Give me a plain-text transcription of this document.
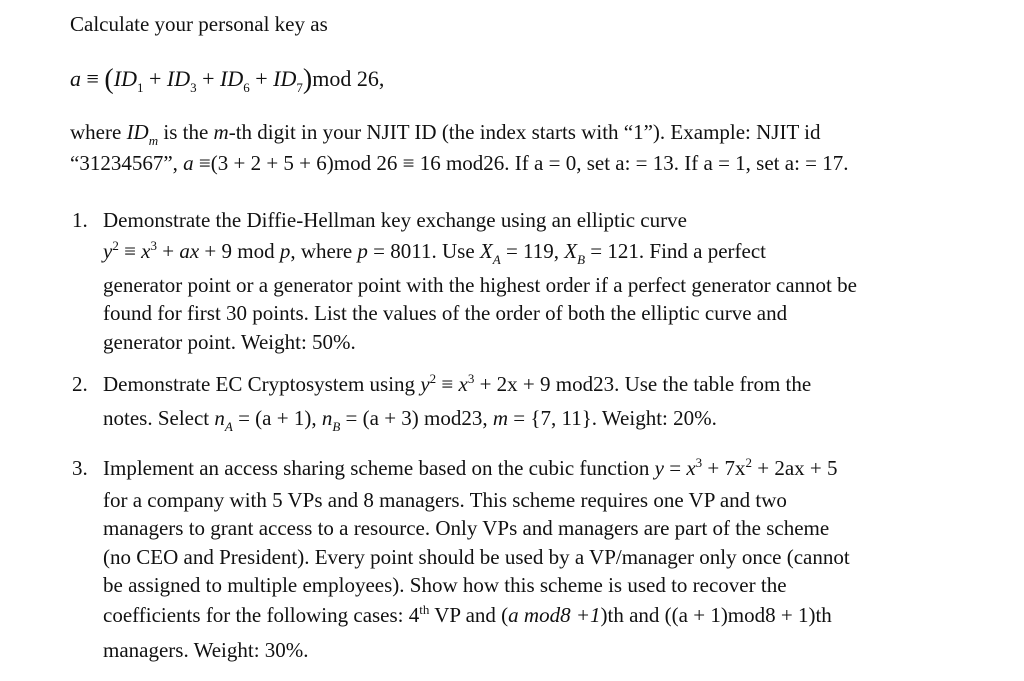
Calculate your personal key as
$a \equiv (ID_1 + ID_3 + ID_6 + ID_7)mod$ 26,
where $ID_m$ is the m-th digit in your NJIT ID (the index starts with “1”). Example: NJIT id
“31234567”, a ≡(3 + 2 + 5 + 6)mod 26 ≡ 16 mod26. If a = 0, set a: = 13. If a = 1, set a: = 17.
1. Demonstrate the Diffie-Hellman key exchange using an elliptic curve
$y^2 \equiv x^3$ + ax + 9 mod p, where p = 8011. Use $X_A = 119$, $X_B = 121$. Find a perfect
generator point or a generator point with the highest order if a perfect generator cannot be
found for first 30 points. List the values of the order of both the elliptic curve and
generator point. Weight: 50%.
2. Demonstrate EC Cryptosystem using $y^2 \equiv x^3 + 2x + 9$ mod23. Use the table from the
notes. Select $n_A = (a + 1)$, $n_B = (a + 3)$ mod23, m = {7, 11}. Weight: 20%.
3. Implement an access sharing scheme based on the cubic function $y = x^3 + 7x^2 + 2ax + 5$
for a company with 5 VPs and 8 managers. This scheme requires one VP and two
managers to grant access to a resource. Only VPs and managers are part of the scheme
(no CEO and President). Every point should be used by a VP/manager only once (cannot
be assigned to multiple employees). Show how this scheme is used to recover the
coefficients for the following cases: 4th VP and (a mod8 +1)th and ((a + 1)mod8 + 1)th
managers. Weight: 30%.
